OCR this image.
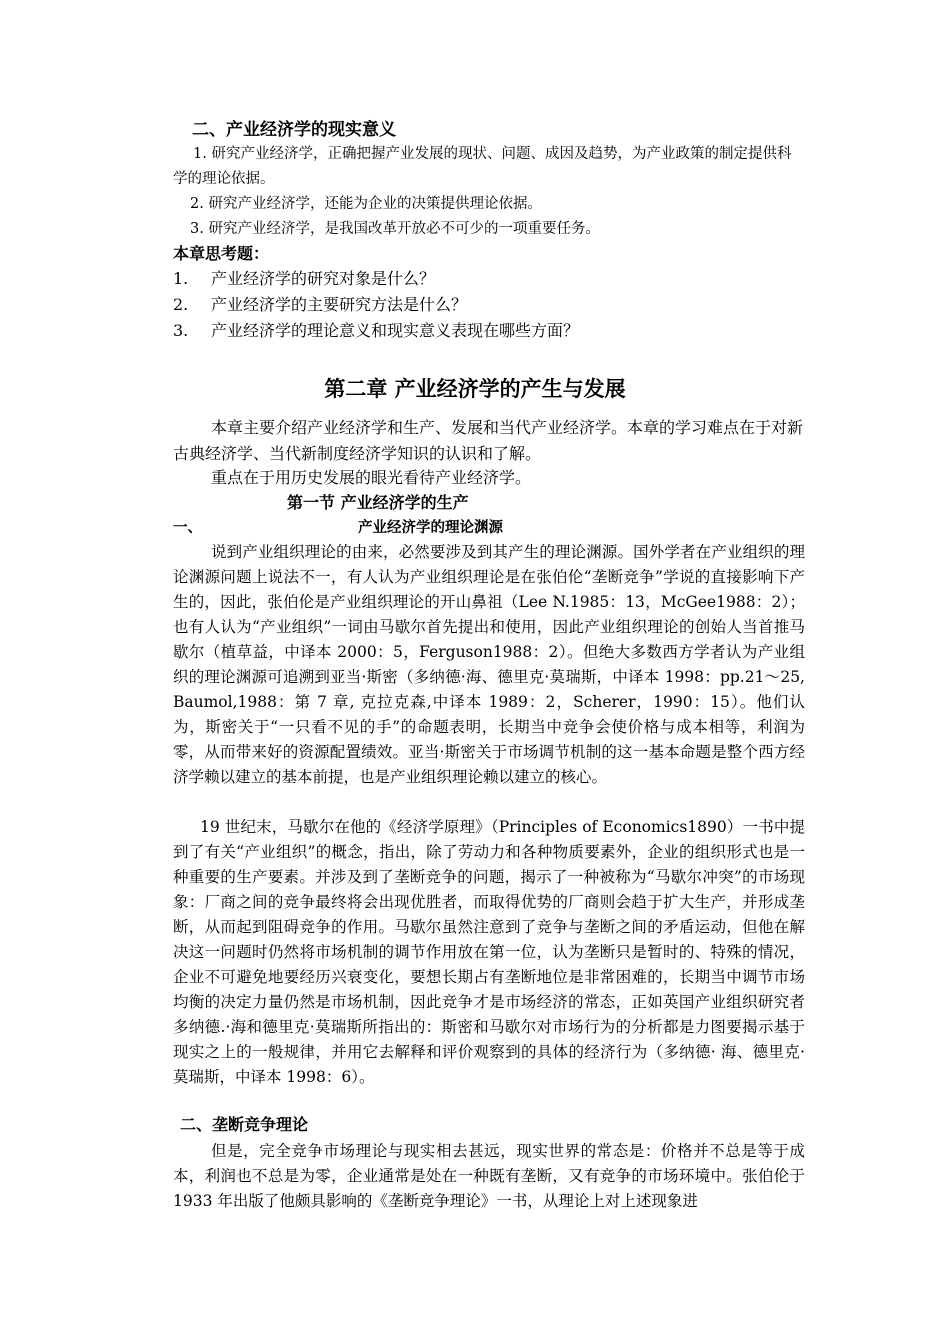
二、产业经济学的现实意义
1. 研究产业经济学，正确把握产业发展的现状、问题、成因及趋势，为产业政策的制定提供科学的理论依据。
2. 研究产业经济学，还能为企业的决策提供理论依据。
3. 研究产业经济学，是我国改革开放必不可少的一项重要任务。
本章思考题：
1. 产业经济学的研究对象是什么？
2. 产业经济学的主要研究方法是什么？
3. 产业经济学的理论意义和现实意义表现在哪些方面？
第二章 产业经济学的产生与发展
本章主要介绍产业经济学和生产、发展和当代产业经济学。本章的学习难点在于对新古典经济学、当代新制度经济学知识的认识和了解。
重点在于用历史发展的眼光看待产业经济学。
第一节 产业经济学的生产
一、	产业经济学的理论渊源

说到产业组织理论的由来，必然要涉及到其产生的理论渊源。国外学者在产业组织的理论渊源问题上说法不一，有人认为产业组织理论是在张伯伦“垄断竞争”学说的直接影响下产生的，因此，张伯伦是产业组织理论的开山鼻祖（Lee N.1985：13，McGee1988：2）；也有人认为“产业组织”一词由马歇尔首先提出和使用，因此产业组织理论的创始人当首推马歇尔（植草益，中译本 2000：5，Ferguson1988：2）。但绝大多数西方学者认为产业组织的理论渊源可追溯到亚当·斯密（多纳德·海、德里克·莫瑞斯，中译本 1998：pp.21～25, Baumol,1988：第 7 章, 克拉克森,中译本 1989：2，Scherer，1990：15）。他们认为，斯密关于“一只看不见的手”的命题表明，长期当中竞争会使价格与成本相等，利润为零，从而带来好的资源配置绩效。亚当·斯密关于市场调节机制的这一基本命题是整个西方经济学赖以建立的基本前提，也是产业组织理论赖以建立的核心。

19 世纪末，马歇尔在他的《经济学原理》（Principles of Economics1890）一书中提到了有关“产业组织”的概念，指出，除了劳动力和各种物质要素外，企业的组织形式也是一种重要的生产要素。并涉及到了垄断竞争的问题，揭示了一种被称为“马歇尔冲突”的市场现象：厂商之间的竞争最终将会出现优胜者，而取得优势的厂商则会趋于扩大生产，并形成垄断，从而起到阻碍竞争的作用。马歇尔虽然注意到了竞争与垄断之间的矛盾运动，但他在解决这一问题时仍然将市场机制的调节作用放在第一位，认为垄断只是暂时的、特殊的情况，企业不可避免地要经历兴衰变化，要想长期占有垄断地位是非常困难的，长期当中调节市场均衡的决定力量仍然是市场机制，因此竞争才是市场经济的常态，正如英国产业组织研究者多纳德.·海和德里克·莫瑞斯所指出的：斯密和马歇尔对市场行为的分析都是力图要揭示基于现实之上的一般规律，并用它去解释和评价观察到的具体的经济行为（多纳德· 海、德里克·莫瑞斯，中译本 1998：6）。

二、垄断竞争理论

但是，完全竞争市场理论与现实相去甚远，现实世界的常态是：价格并不总是等于成本，利润也不总是为零，企业通常是处在一种既有垄断，又有竞争的市场环境中。张伯伦于 1933 年出版了他颇具影响的《垄断竞争理论》一书，从理论上对上述现象进
